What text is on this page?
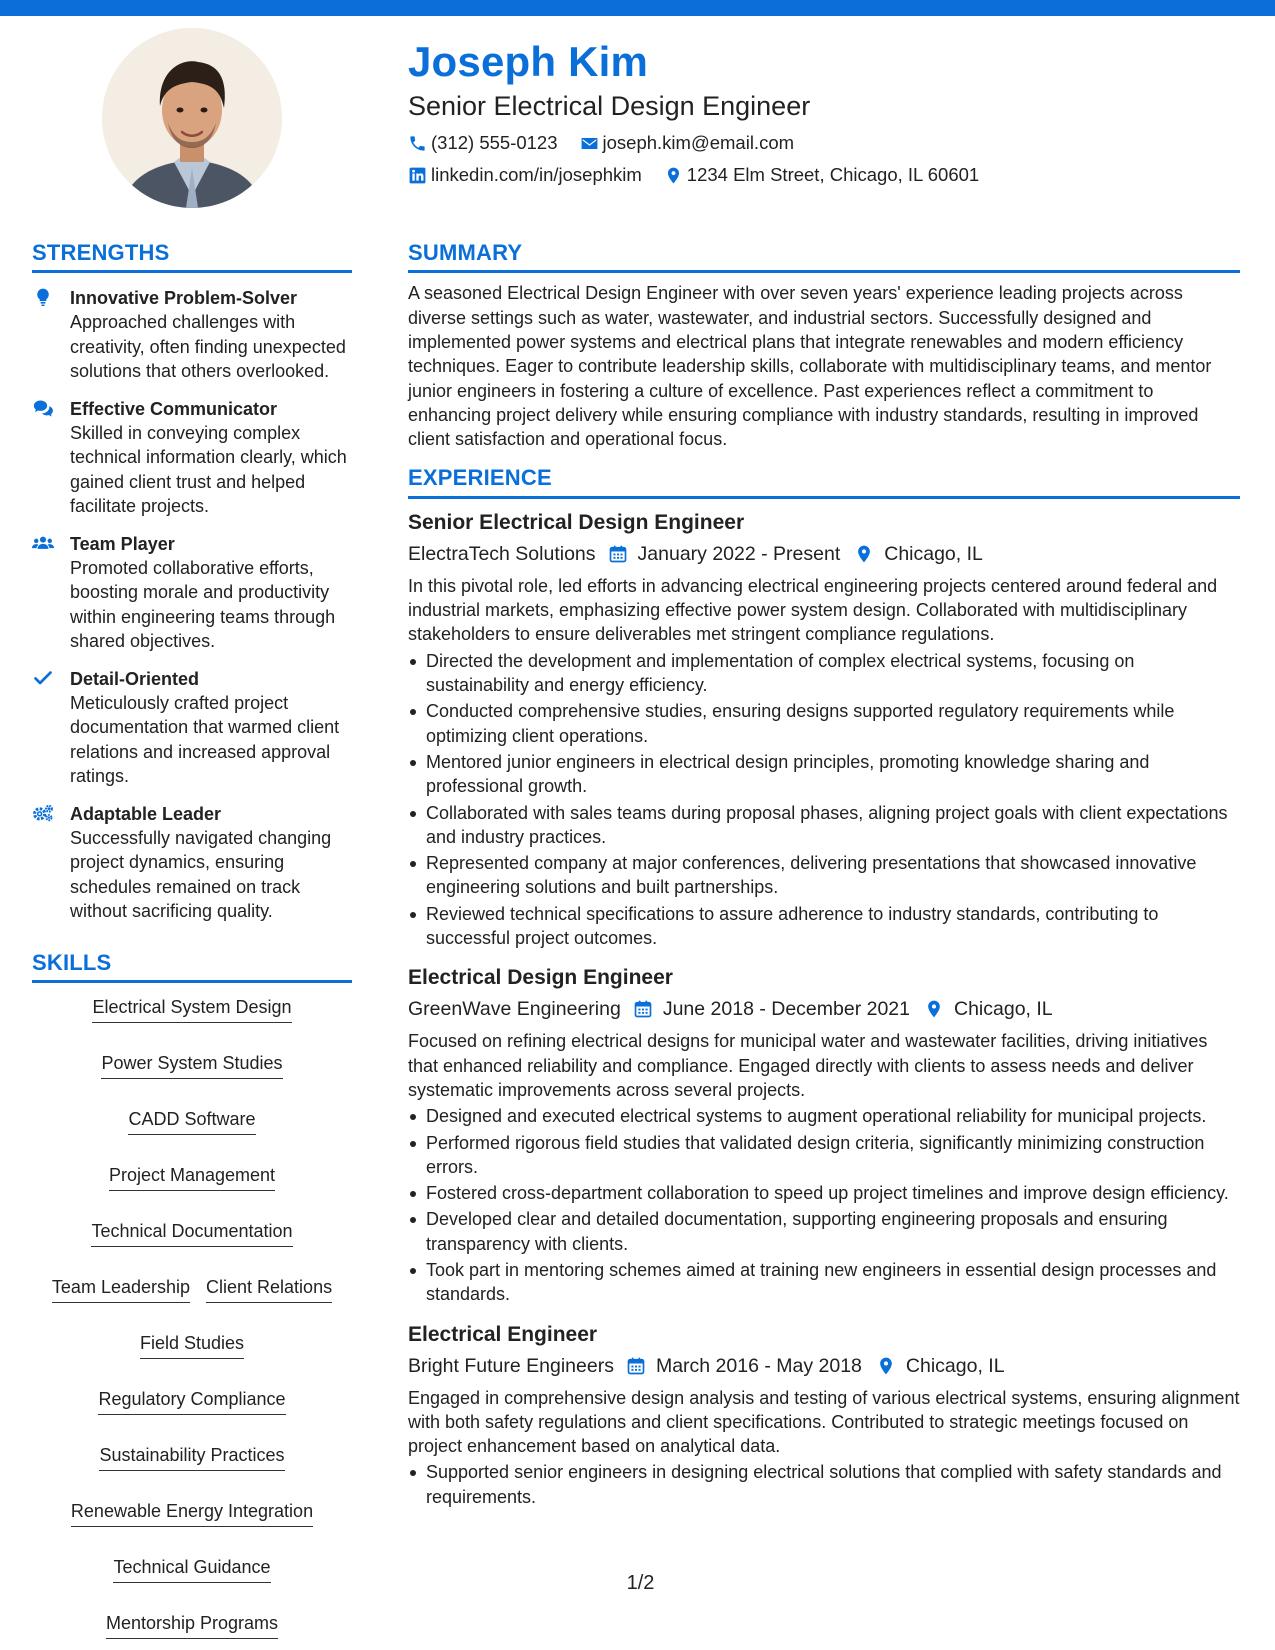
Joseph Kim
Senior Electrical Design Engineer
(312) 555-0123 joseph.kim@email.com
linkedin.com/in/josephkim 1234 Elm Street, Chicago, IL 60601
STRENGTHS
Innovative Problem-Solver
Approached challenges with creativity, often finding unexpected solutions that others overlooked.
Effective Communicator
Skilled in conveying complex technical information clearly, which gained client trust and helped facilitate projects.
Team Player
Promoted collaborative efforts, boosting morale and productivity within engineering teams through shared objectives.
Detail-Oriented
Meticulously crafted project documentation that warmed client relations and increased approval ratings.
Adaptable Leader
Successfully navigated changing project dynamics, ensuring schedules remained on track without sacrificing quality.
SKILLS
Electrical System Design
Power System Studies
CADD Software
Project Management
Technical Documentation
Team Leadership Client Relations
Field Studies
Regulatory Compliance
Sustainability Practices
Renewable Energy Integration
Technical Guidance
Mentorship Programs
SUMMARY
A seasoned Electrical Design Engineer with over seven years' experience leading projects across diverse settings such as water, wastewater, and industrial sectors. Successfully designed and implemented power systems and electrical plans that integrate renewables and modern efficiency techniques. Eager to contribute leadership skills, collaborate with multidisciplinary teams, and mentor junior engineers in fostering a culture of excellence. Past experiences reflect a commitment to enhancing project delivery while ensuring compliance with industry standards, resulting in improved client satisfaction and operational focus.
EXPERIENCE
Senior Electrical Design Engineer
ElectraTech Solutions January 2022 - Present Chicago, IL
In this pivotal role, led efforts in advancing electrical engineering projects centered around federal and industrial markets, emphasizing effective power system design. Collaborated with multidisciplinary stakeholders to ensure deliverables met stringent compliance regulations.
Directed the development and implementation of complex electrical systems, focusing on sustainability and energy efficiency.
Conducted comprehensive studies, ensuring designs supported regulatory requirements while optimizing client operations.
Mentored junior engineers in electrical design principles, promoting knowledge sharing and professional growth.
Collaborated with sales teams during proposal phases, aligning project goals with client expectations and industry practices.
Represented company at major conferences, delivering presentations that showcased innovative engineering solutions and built partnerships.
Reviewed technical specifications to assure adherence to industry standards, contributing to successful project outcomes.
Electrical Design Engineer
GreenWave Engineering June 2018 - December 2021 Chicago, IL
Focused on refining electrical designs for municipal water and wastewater facilities, driving initiatives that enhanced reliability and compliance. Engaged directly with clients to assess needs and deliver systematic improvements across several projects.
Designed and executed electrical systems to augment operational reliability for municipal projects.
Performed rigorous field studies that validated design criteria, significantly minimizing construction errors.
Fostered cross-department collaboration to speed up project timelines and improve design efficiency.
Developed clear and detailed documentation, supporting engineering proposals and ensuring transparency with clients.
Took part in mentoring schemes aimed at training new engineers in essential design processes and standards.
Electrical Engineer
Bright Future Engineers March 2016 - May 2018 Chicago, IL
Engaged in comprehensive design analysis and testing of various electrical systems, ensuring alignment with both safety regulations and client specifications. Contributed to strategic meetings focused on project enhancement based on analytical data.
Supported senior engineers in designing electrical solutions that complied with safety standards and requirements.
1/2
